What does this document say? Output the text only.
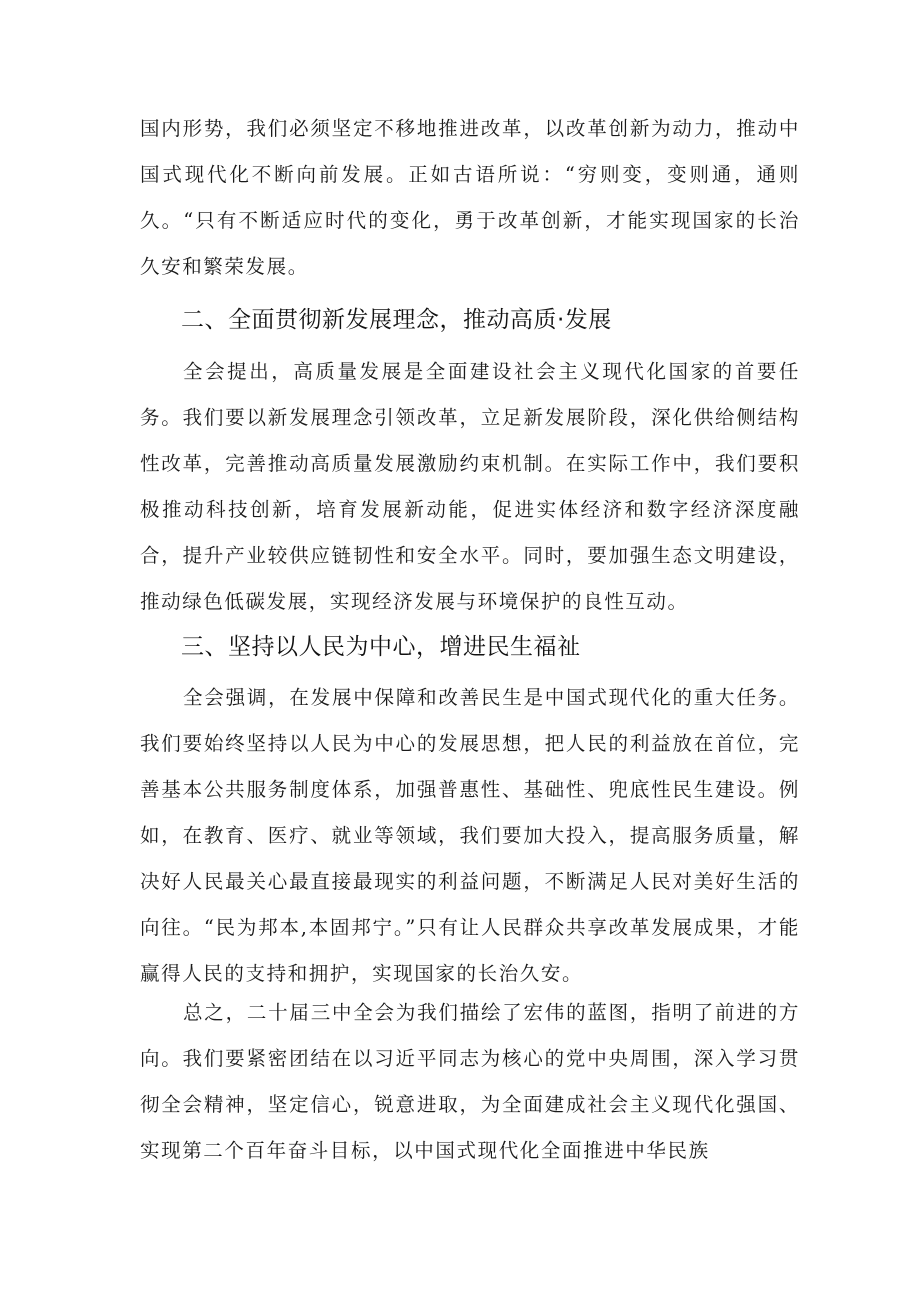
国内形势，我们必须坚定不移地推进改革，以改革创新为动力，推动中国式现代化不断向前发展。正如古语所说：“穷则变，变则通，通则久。“只有不断适应时代的变化，勇于改革创新，才能实现国家的长治久安和繁荣发展。

二、全面贯彻新发展理念，推动高质·发展

全会提出，高质量发展是全面建设社会主义现代化国家的首要任务。我们要以新发展理念引领改革，立足新发展阶段，深化供给侧结构性改革，完善推动高质量发展激励约束机制。在实际工作中，我们要积极推动科技创新，培育发展新动能，促进实体经济和数字经济深度融合，提升产业较供应链韧性和安全水平。同时，要加强生态文明建设，推动绿色低碳发展，实现经济发展与环境保护的良性互动。

三、坚持以人民为中心，增进民生福祉

全会强调，在发展中保障和改善民生是中国式现代化的重大任务。我们要始终坚持以人民为中心的发展思想，把人民的利益放在首位，完善基本公共服务制度体系，加强普惠性、基础性、兜底性民生建设。例如，在教育、医疗、就业等领域，我们要加大投入，提高服务质量，解决好人民最关心最直接最现实的利益问题，不断满足人民对美好生活的向往。“民为邦本,本固邦宁。”只有让人民群众共享改革发展成果，才能赢得人民的支持和拥护，实现国家的长治久安。

总之，二十届三中全会为我们描绘了宏伟的蓝图，指明了前进的方向。我们要紧密团结在以习近平同志为核心的党中央周围，深入学习贯彻全会精神，坚定信心，锐意进取，为全面建成社会主义现代化强国、实现第二个百年奋斗目标，以中国式现代化全面推进中华民族
